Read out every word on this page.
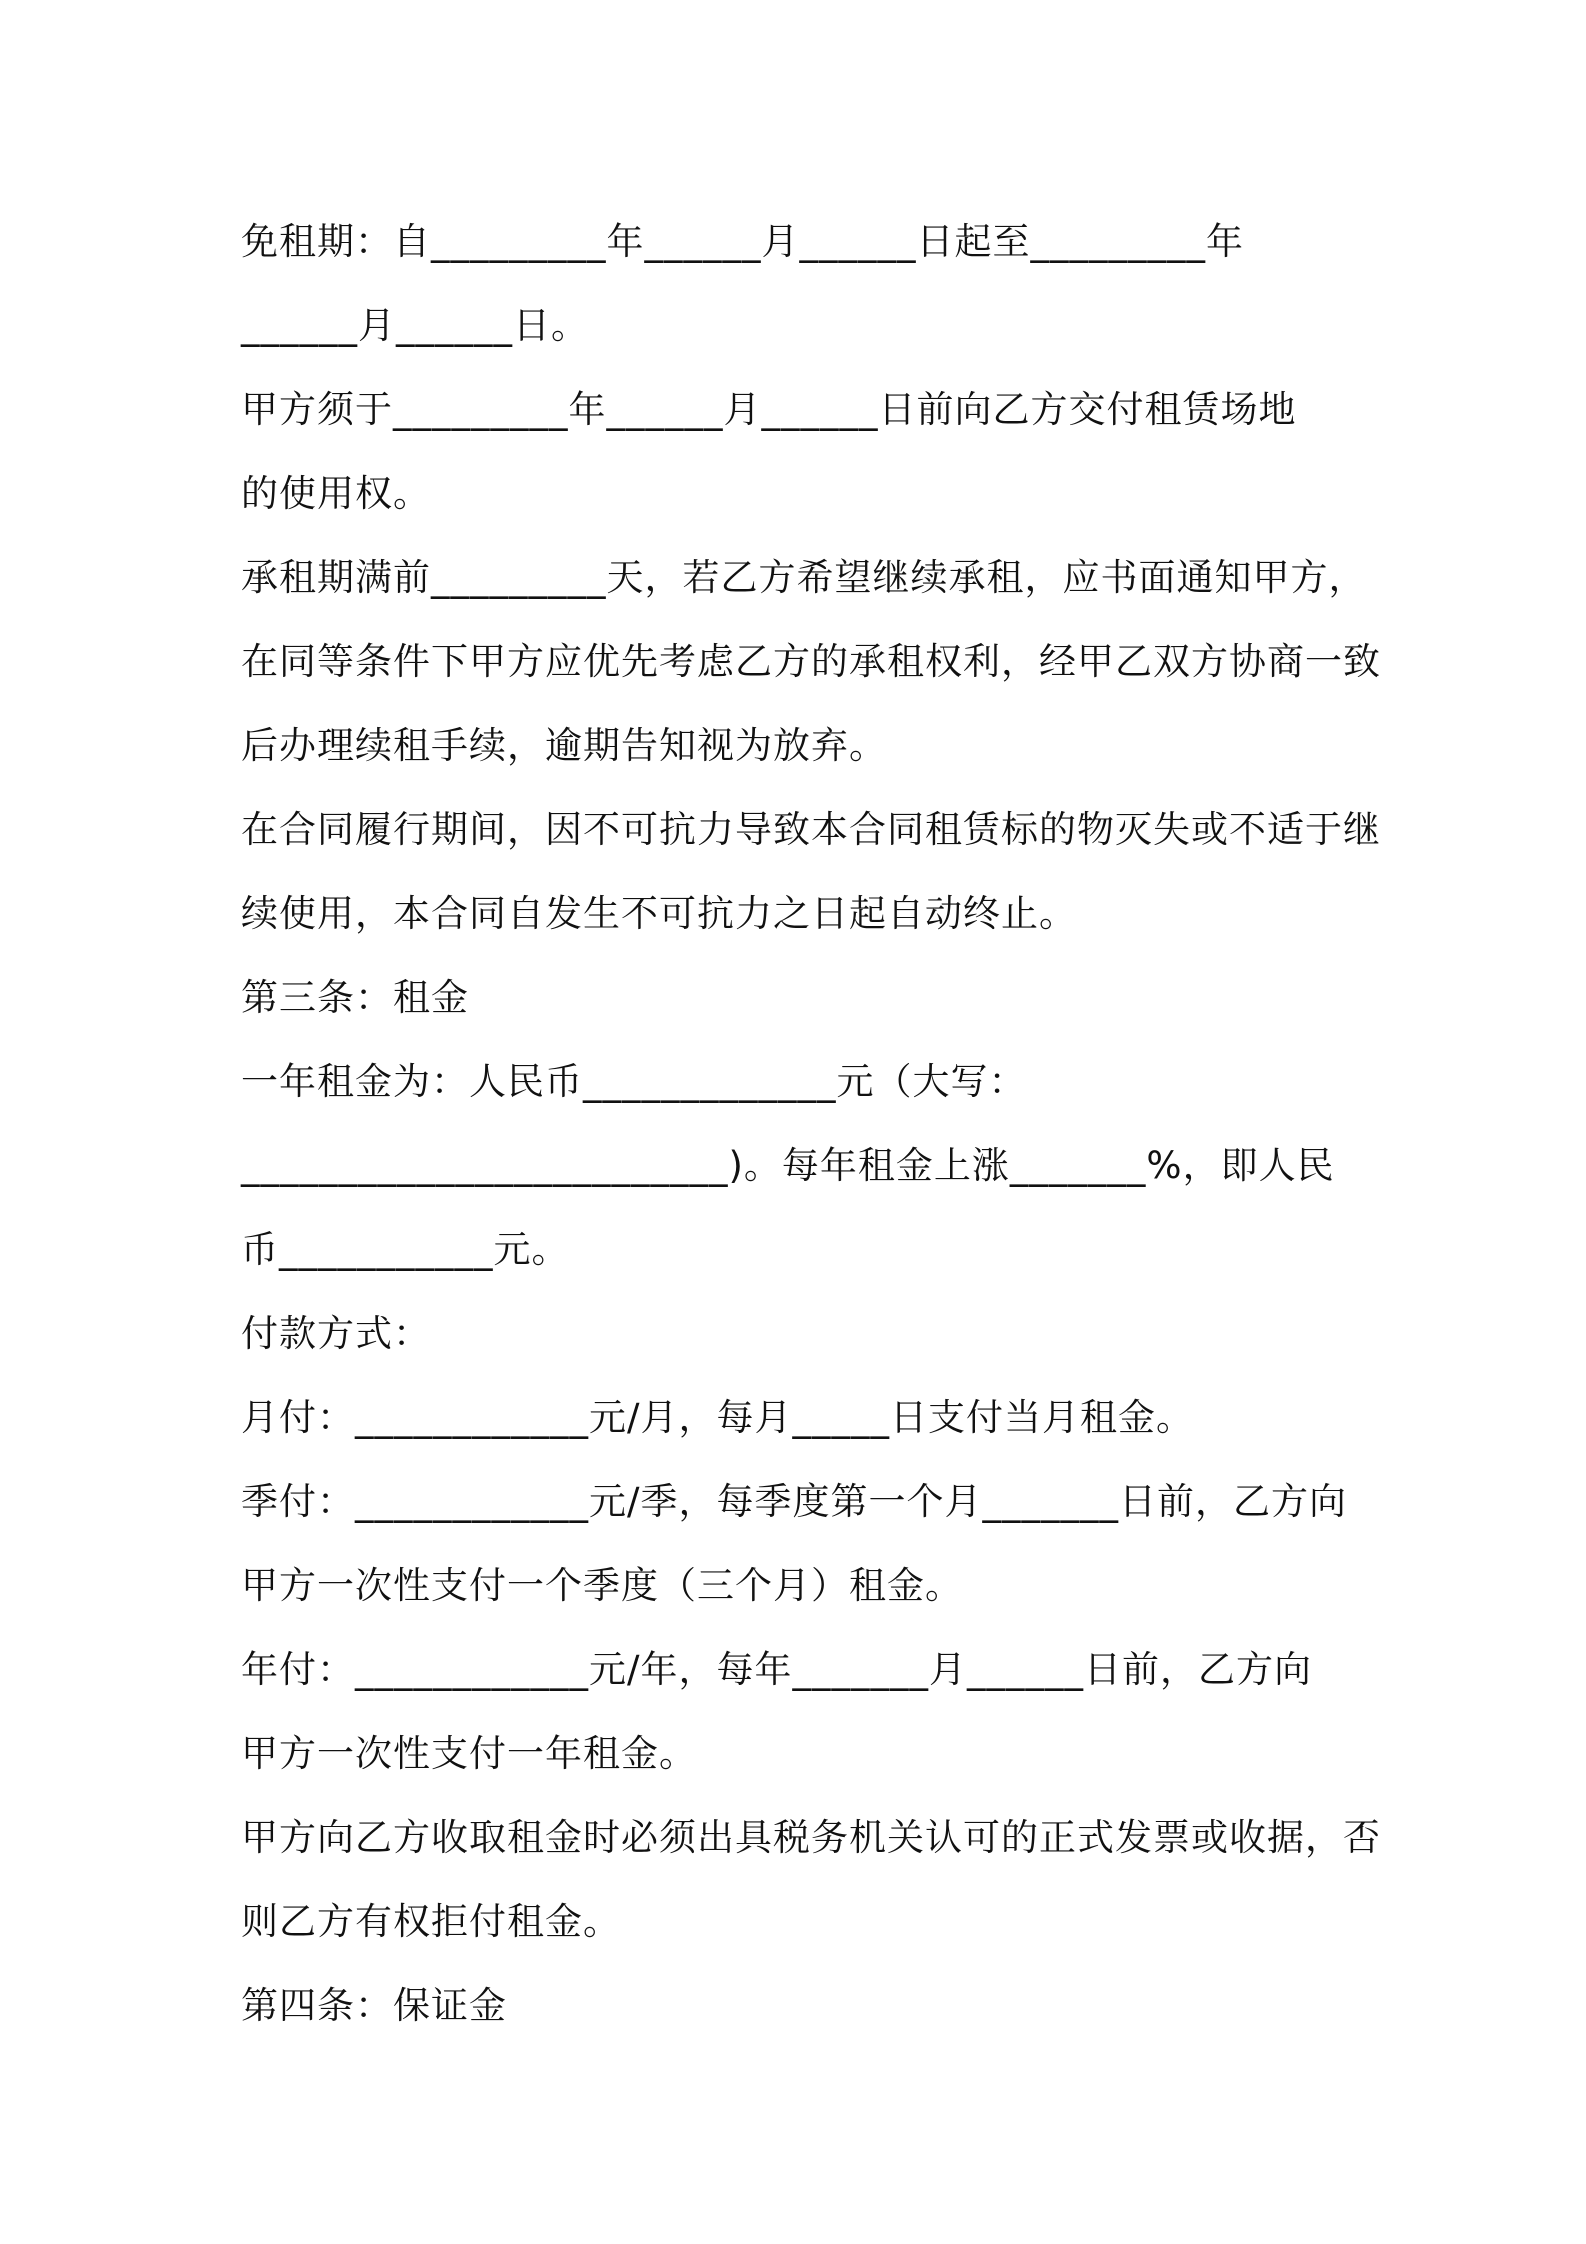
免租期：自_________年______月______日起至_________年
______月______日。
甲方须于_________年______月______日前向乙方交付租赁场地
的使用权。
承租期满前_________天，若乙方希望继续承租，应书面通知甲方，
在同等条件下甲方应优先考虑乙方的承租权利，经甲乙双方协商一致
后办理续租手续，逾期告知视为放弃。
在合同履行期间，因不可抗力导致本合同租赁标的物灭失或不适于继
续使用，本合同自发生不可抗力之日起自动终止。
第三条：租金
一年租金为：人民币_____________元（大写：
_________________________)。每年租金上涨_______%，即人民
币___________元。
付款方式：
月付：____________元/月，每月_____日支付当月租金。
季付：____________元/季，每季度第一个月_______日前，乙方向
甲方一次性支付一个季度（三个月）租金。
年付：____________元/年，每年_______月______日前，乙方向
甲方一次性支付一年租金。
甲方向乙方收取租金时必须出具税务机关认可的正式发票或收据，否
则乙方有权拒付租金。
第四条：保证金
